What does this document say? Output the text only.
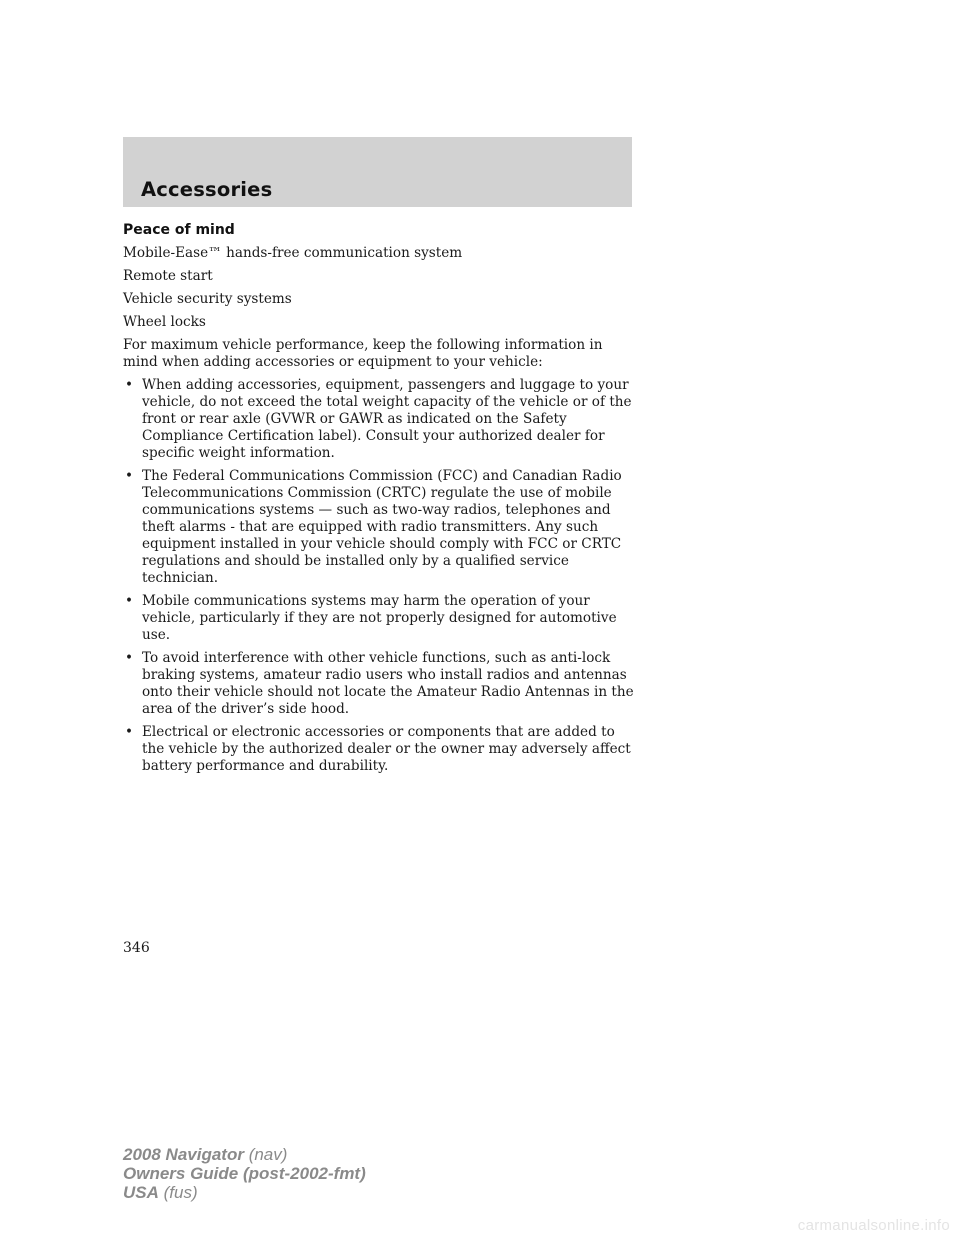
Accessories
Peace of mind
Mobile-Ease™ hands-free communication system
Remote start
Vehicle security systems
Wheel locks
For maximum vehicle performance, keep the following information in mind when adding accessories or equipment to your vehicle:
• When adding accessories, equipment, passengers and luggage to your vehicle, do not exceed the total weight capacity of the vehicle or of the front or rear axle (GVWR or GAWR as indicated on the Safety Compliance Certification label). Consult your authorized dealer for specific weight information.
• The Federal Communications Commission (FCC) and Canadian Radio Telecommunications Commission (CRTC) regulate the use of mobile communications systems — such as two-way radios, telephones and theft alarms - that are equipped with radio transmitters. Any such equipment installed in your vehicle should comply with FCC or CRTC regulations and should be installed only by a qualified service technician.
• Mobile communications systems may harm the operation of your vehicle, particularly if they are not properly designed for automotive use.
• To avoid interference with other vehicle functions, such as anti-lock braking systems, amateur radio users who install radios and antennas onto their vehicle should not locate the Amateur Radio Antennas in the area of the driver’s side hood.
• Electrical or electronic accessories or components that are added to the vehicle by the authorized dealer or the owner may adversely affect battery performance and durability.
346
2008 Navigator (nav)
Owners Guide (post-2002-fmt)
USA (fus)
carmanualsonline.info
